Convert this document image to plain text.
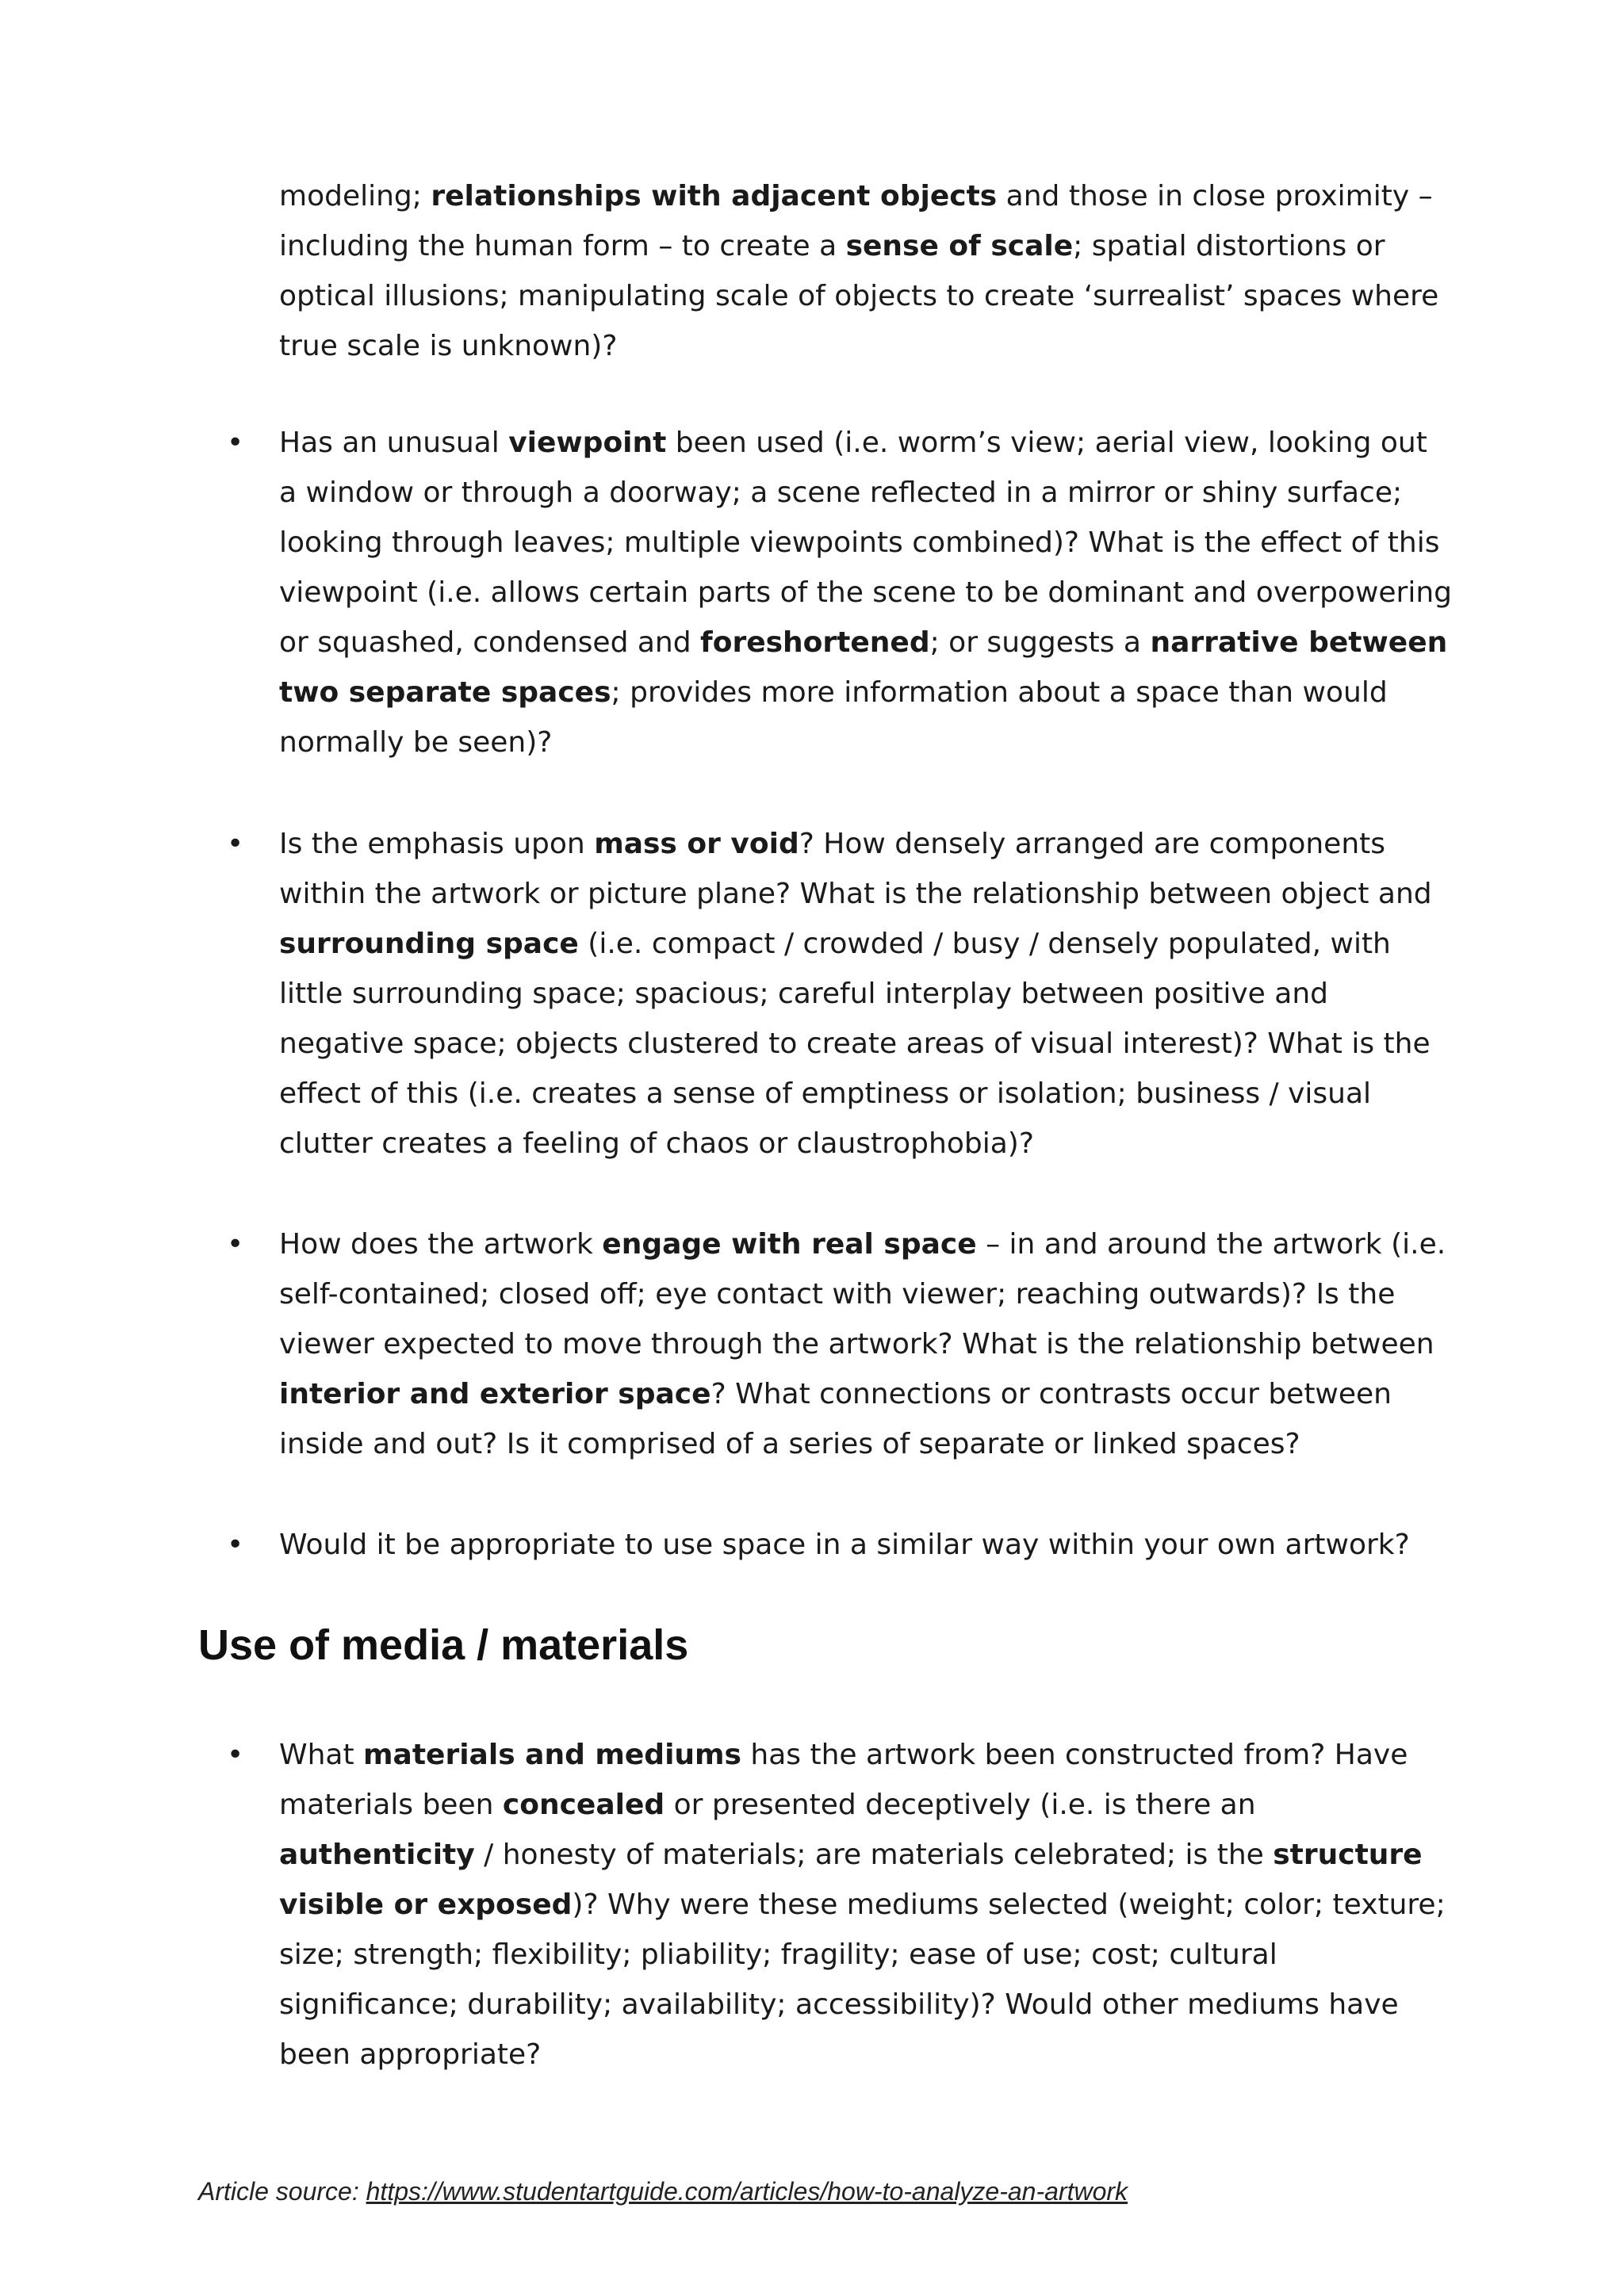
modeling; relationships with adjacent objects and those in close proximity – including the human form – to create a sense of scale; spatial distortions or optical illusions; manipulating scale of objects to create ‘surrealist’ spaces where true scale is unknown)?

• Has an unusual viewpoint been used (i.e. worm’s view; aerial view, looking out a window or through a doorway; a scene reflected in a mirror or shiny surface; looking through leaves; multiple viewpoints combined)? What is the effect of this viewpoint (i.e. allows certain parts of the scene to be dominant and overpowering or squashed, condensed and foreshortened; or suggests a narrative between two separate spaces; provides more information about a space than would normally be seen)?

• Is the emphasis upon mass or void? How densely arranged are components within the artwork or picture plane? What is the relationship between object and surrounding space (i.e. compact / crowded / busy / densely populated, with little surrounding space; spacious; careful interplay between positive and negative space; objects clustered to create areas of visual interest)? What is the effect of this (i.e. creates a sense of emptiness or isolation; business / visual clutter creates a feeling of chaos or claustrophobia)?

• How does the artwork engage with real space – in and around the artwork (i.e. self-contained; closed off; eye contact with viewer; reaching outwards)? Is the viewer expected to move through the artwork? What is the relationship between interior and exterior space? What connections or contrasts occur between inside and out? Is it comprised of a series of separate or linked spaces?

• Would it be appropriate to use space in a similar way within your own artwork?

Use of media / materials
• What materials and mediums has the artwork been constructed from? Have materials been concealed or presented deceptively (i.e. is there an authenticity / honesty of materials; are materials celebrated; is the structure visible or exposed)? Why were these mediums selected (weight; color; texture; size; strength; flexibility; pliability; fragility; ease of use; cost; cultural significance; durability; availability; accessibility)? Would other mediums have been appropriate?

Article source: https://www.studentartguide.com/articles/how-to-analyze-an-artwork
